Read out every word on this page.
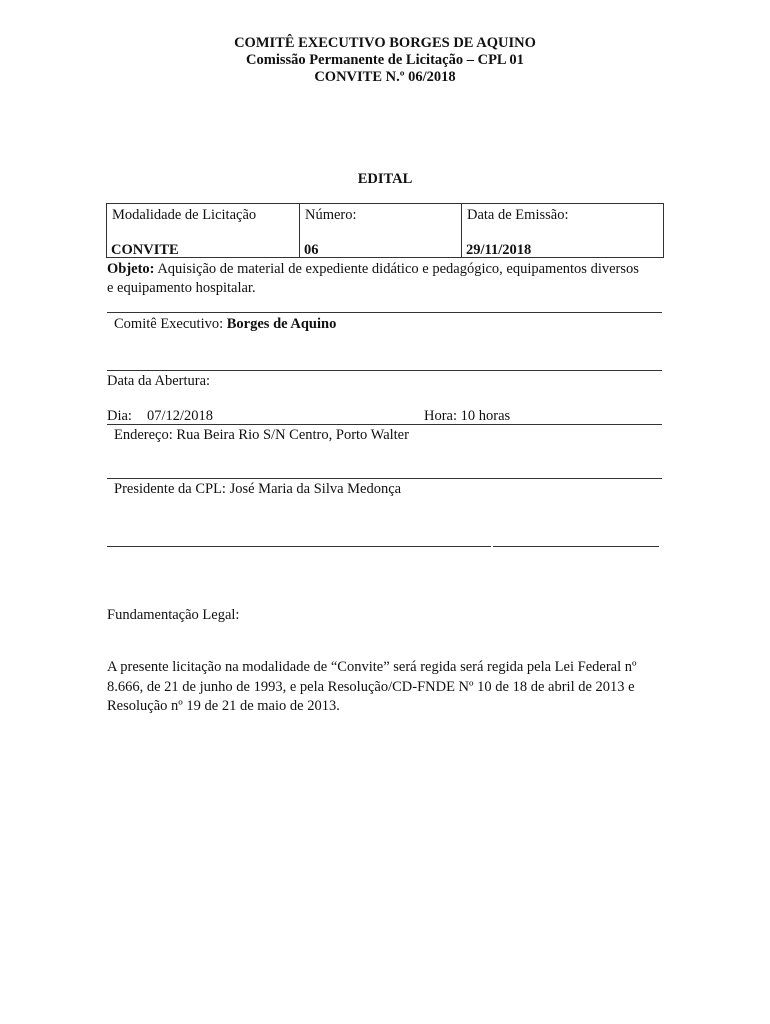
COMITÊ EXECUTIVO BORGES DE AQUINO
Comissão Permanente de Licitação – CPL 01
CONVITE N.º 06/2018
EDITAL
Modalidade de Licitação
CONVITE

Número:
06

Data de Emissão:
29/11/2018
Objeto: Aquisição de material de expediente didático e pedagógico, equipamentos diversos
e equipamento hospitalar.
Comitê Executivo: Borges de Aquino
Data da Abertura:
Dia: 07/12/2018	Hora: 10 horas
Endereço: Rua Beira Rio S/N Centro, Porto Walter
Presidente da CPL: José Maria da Silva Medonça
Fundamentação Legal:
A presente licitação na modalidade de “Convite” será regida será regida pela Lei Federal nº
8.666, de 21 de junho de 1993, e pela Resolução/CD-FNDE Nº 10 de 18 de abril de 2013 e
Resolução nº 19 de 21 de maio de 2013.
